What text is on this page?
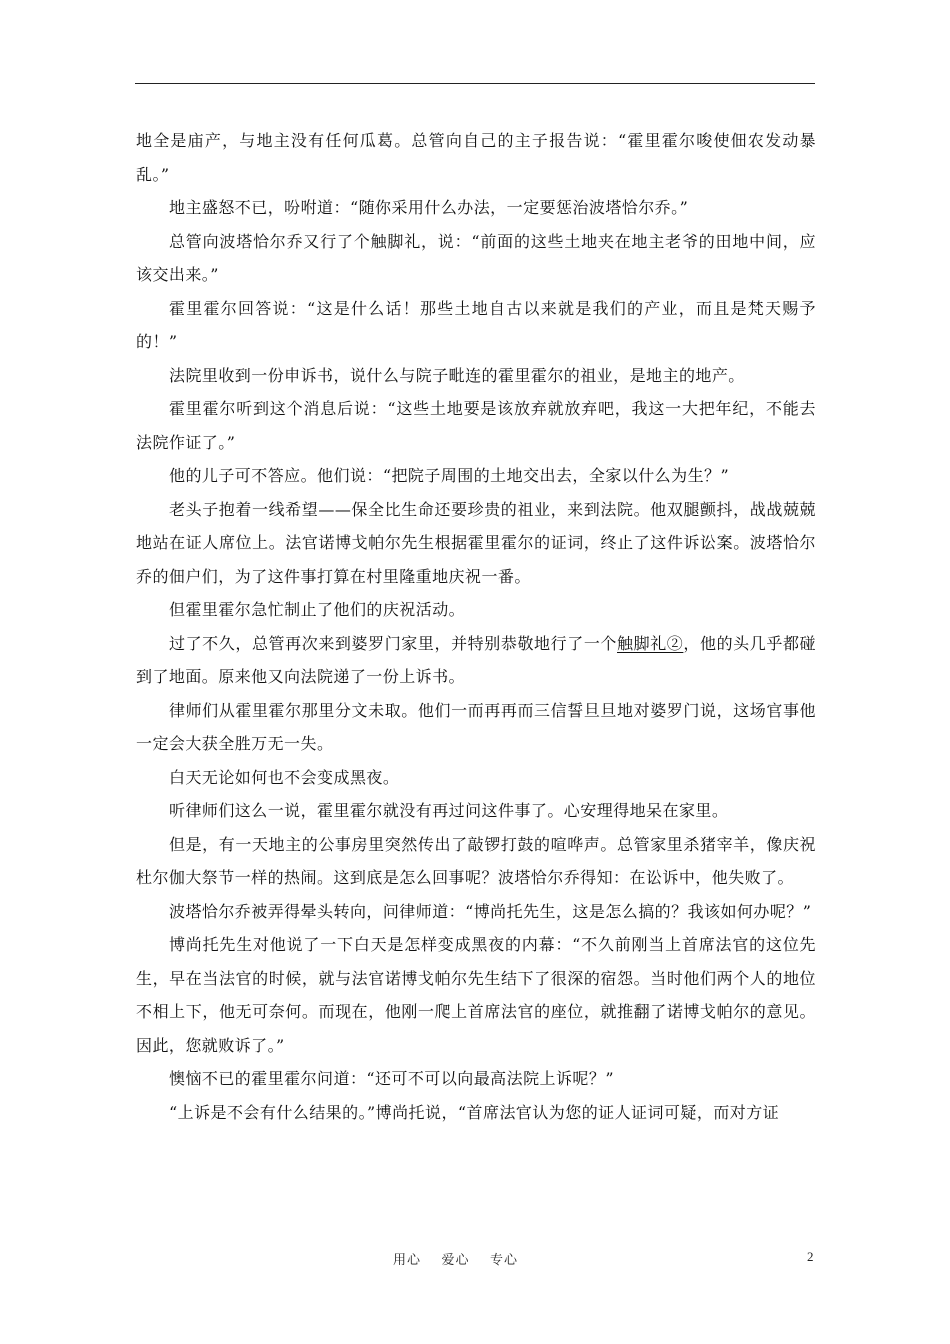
地全是庙产，与地主没有任何瓜葛。总管向自己的主子报告说：“霍里霍尔唆使佃农发动暴乱。”

地主盛怒不已，吩咐道：“随你采用什么办法，一定要惩治波塔恰尔乔。”

总管向波塔恰尔乔又行了个触脚礼，说：“前面的这些土地夹在地主老爷的田地中间，应该交出来。”

霍里霍尔回答说：“这是什么话！那些土地自古以来就是我们的产业，而且是梵天赐予的！”

法院里收到一份申诉书，说什么与院子毗连的霍里霍尔的祖业，是地主的地产。

霍里霍尔听到这个消息后说：“这些土地要是该放弃就放弃吧，我这一大把年纪，不能去法院作证了。”

他的儿子可不答应。他们说：“把院子周围的土地交出去，全家以什么为生？”

老头子抱着一线希望——保全比生命还要珍贵的祖业，来到法院。他双腿颤抖，战战兢兢地站在证人席位上。法官诺博戈帕尔先生根据霍里霍尔的证词，终止了这件诉讼案。波塔恰尔乔的佃户们，为了这件事打算在村里隆重地庆祝一番。

但霍里霍尔急忙制止了他们的庆祝活动。

过了不久，总管再次来到婆罗门家里，并特别恭敬地行了一个触脚礼②，他的头几乎都碰到了地面。原来他又向法院递了一份上诉书。

律师们从霍里霍尔那里分文未取。他们一而再再而三信誓旦旦地对婆罗门说，这场官事他一定会大获全胜万无一失。

白天无论如何也不会变成黑夜。

听律师们这么一说，霍里霍尔就没有再过问这件事了。心安理得地呆在家里。

但是，有一天地主的公事房里突然传出了敲锣打鼓的喧哗声。总管家里杀猪宰羊，像庆祝杜尔伽大祭节一样的热闹。这到底是怎么回事呢？波塔恰尔乔得知：在讼诉中，他失败了。

波塔恰尔乔被弄得晕头转向，问律师道：“博尚托先生，这是怎么搞的？我该如何办呢？”

博尚托先生对他说了一下白天是怎样变成黑夜的内幕：“不久前刚当上首席法官的这位先生，早在当法官的时候，就与法官诺博戈帕尔先生结下了很深的宿怨。当时他们两个人的地位不相上下，他无可奈何。而现在，他刚一爬上首席法官的座位，就推翻了诺博戈帕尔的意见。因此，您就败诉了。”

懊恼不已的霍里霍尔问道：“还可不可以向最高法院上诉呢？”

“上诉是不会有什么结果的。”博尚托说，“首席法官认为您的证人证词可疑，而对方证

用心    爱心    专心	2
